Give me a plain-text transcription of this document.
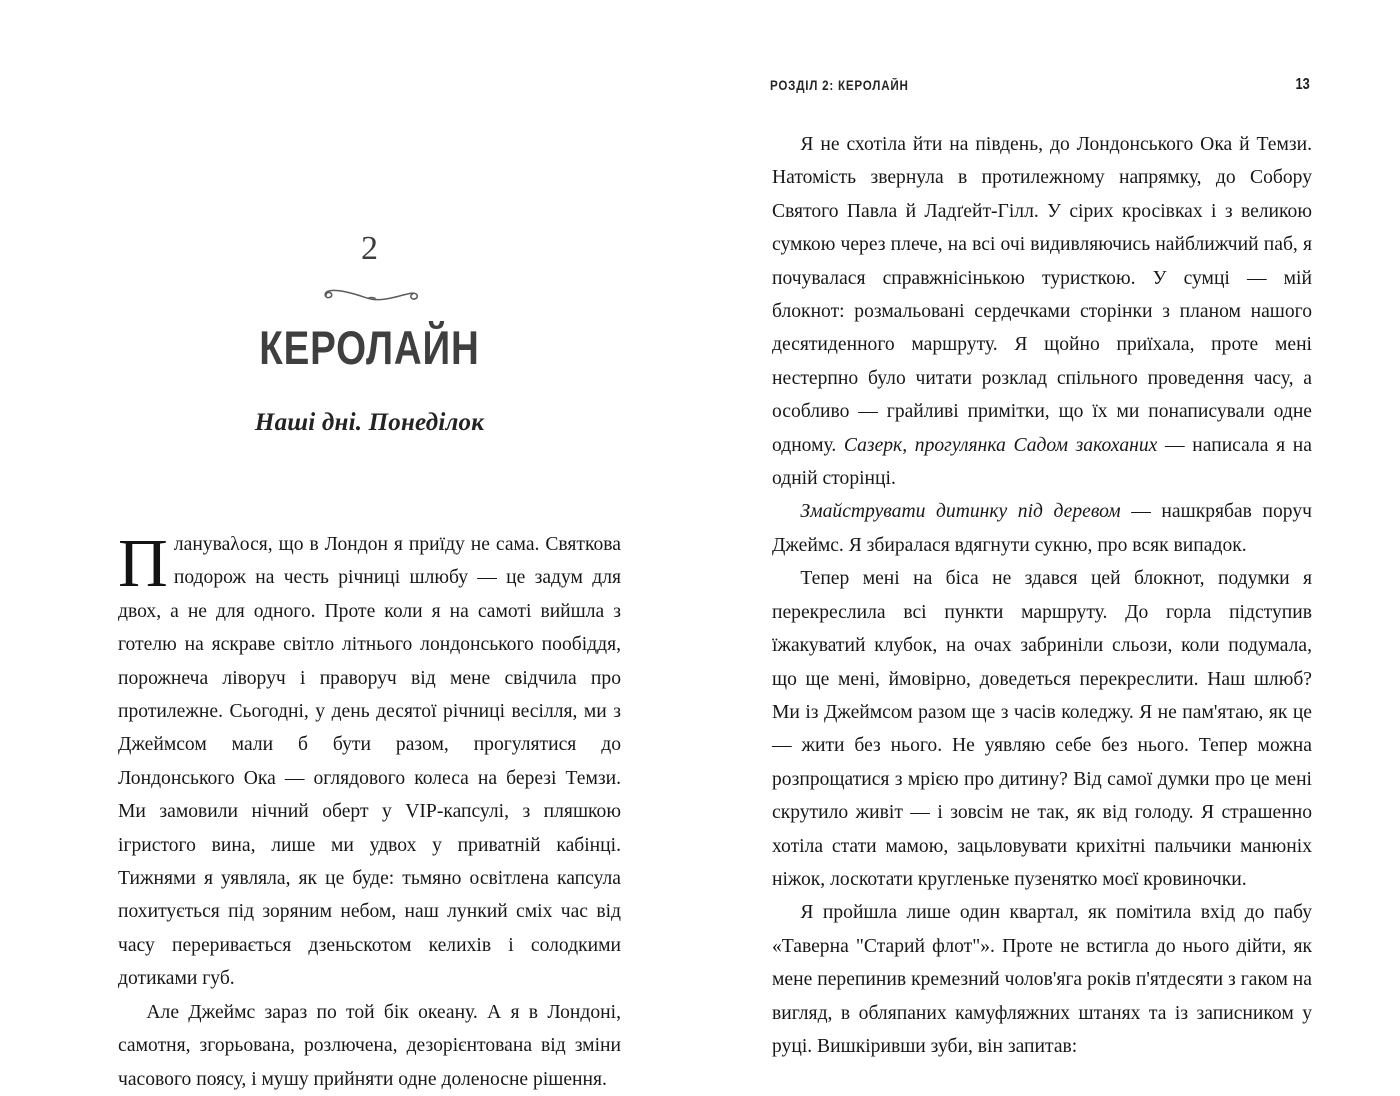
РОЗДІЛ 2: КЕРОЛАЙН	13
2
КЕРОЛАЙН
Наші дні. Понеділок

Плануваλося, що в Лондон я приїду не сама. Святкова подорож на честь річниці шлюбу — це задум для двох, а не для одного. Проте коли я на самоті вийшла з готелю на яскраве світло літнього лондонського пообіддя, порожнеча ліворуч і праворуч від мене свідчила про протилежне. Сьогодні, у день десятої річниці весілля, ми з Джеймсом мали б бути разом, прогулятися до Лондонського Ока — оглядового колеса на березі Темзи. Ми замовили нічний оберт у VIP-капсулі, з пляшкою ігристого вина, лише ми удвох у приватній кабінці. Тижнями я уявляла, як це буде: тьмяно освітлена капсула похитується під зоряним небом, наш лункий сміх час від часу переривається дзеньскотом келихів і солодкими дотиками губ.

Але Джеймс зараз по той бік океану. А я в Лондоні, самотня, згорьована, розлючена, дезорієнтована від зміни часового поясу, і мушу прийняти одне доленосне рішення.

Я не схотіла йти на південь, до Лондонського Ока й Темзи. Натомість звернула в протилежному напрямку, до Собору Святого Павла й Ладґейт-Гілл. У сірих кросівках і з великою сумкою через плече, на всі очі видивляючись найближчий паб, я почувалася справжнісінькою туристкою. У сумці — мій блокнот: розмальовані сердечками сторінки з планом нашого десятиденного маршруту. Я щойно приїхала, проте мені нестерпно було читати розклад спільного проведення часу, а особливо — грайливі примітки, що їх ми понаписували одне одному. Сазерк, прогулянка Садом закоханих — написала я на одній сторінці.

Змайструвати дитинку під деревом — нашкрябав поруч Джеймс. Я збиралася вдягнути сукню, про всяк випадок.

Тепер мені на біса не здався цей блокнот, подумки я перекреслила всі пункти маршруту. До горла підступив їжакуватий клубок, на очах забриніли сльози, коли подумала, що ще мені, ймовірно, доведеться перекреслити. Наш шлюб? Ми із Джеймсом разом ще з часів коледжу. Я не пам'ятаю, як це — жити без нього. Не уявляю себе без нього. Тепер можна розпрощатися з мрією про дитину? Від самої думки про це мені скрутило живіт — і зовсім не так, як від голоду. Я страшенно хотіла стати мамою, зацьловувати крихітні пальчики манюніх ніжок, лоскотати кругленьке пузенятко моєї кровиночки.

Я пройшла лише один квартал, як помітила вхід до пабу «Таверна "Старий флот"». Проте не встигла до нього дійти, як мене перепинив кремезний чолов'яга років п'ятдесяти з гаком на вигляд, в обляпаних камуфляжних штанях та із записником у руці. Вишкіривши зуби, він запитав:
